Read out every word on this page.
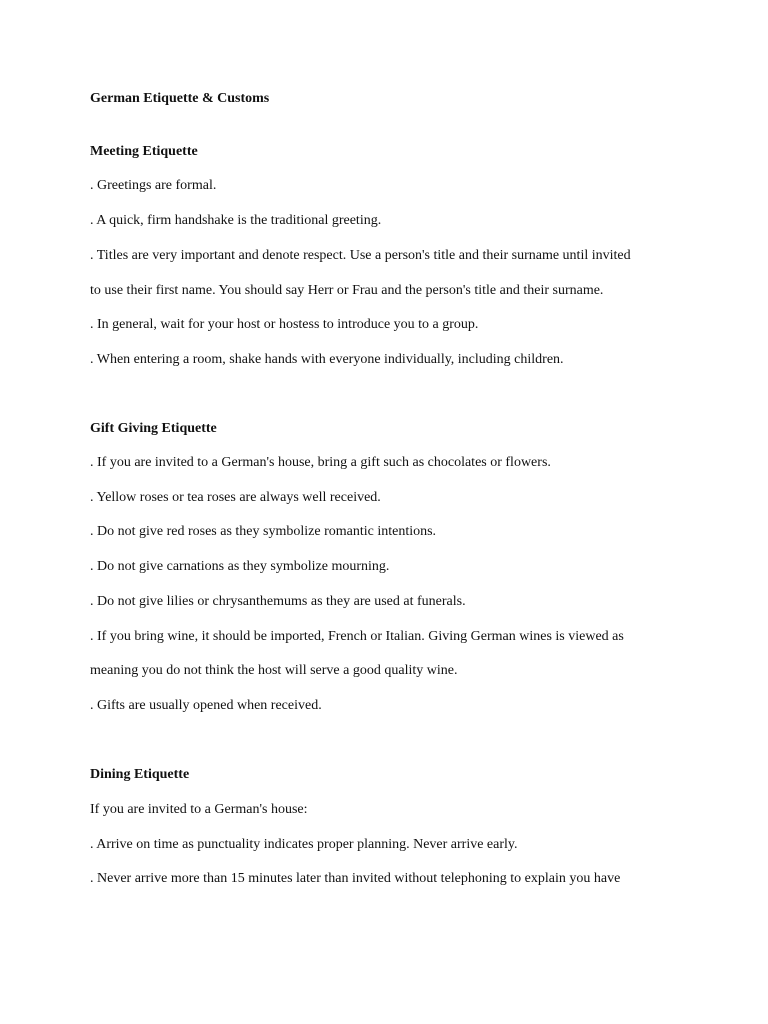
German Etiquette & Customs
Meeting Etiquette
. Greetings are formal.
. A quick, firm handshake is the traditional greeting.
. Titles are very important and denote respect. Use a person's title and their surname until invited
to use their first name. You should say Herr or Frau and the person's title and their surname.
. In general, wait for your host or hostess to introduce you to a group.
. When entering a room, shake hands with everyone individually, including children.
Gift Giving Etiquette
. If you are invited to a German's house, bring a gift such as chocolates or flowers.
. Yellow roses or tea roses are always well received.
. Do not give red roses as they symbolize romantic intentions.
. Do not give carnations as they symbolize mourning.
. Do not give lilies or chrysanthemums as they are used at funerals.
. If you bring wine, it should be imported, French or Italian. Giving German wines is viewed as
meaning you do not think the host will serve a good quality wine.
. Gifts are usually opened when received.
Dining Etiquette
If you are invited to a German's house:
. Arrive on time as punctuality indicates proper planning. Never arrive early.
. Never arrive more than 15 minutes later than invited without telephoning to explain you have
